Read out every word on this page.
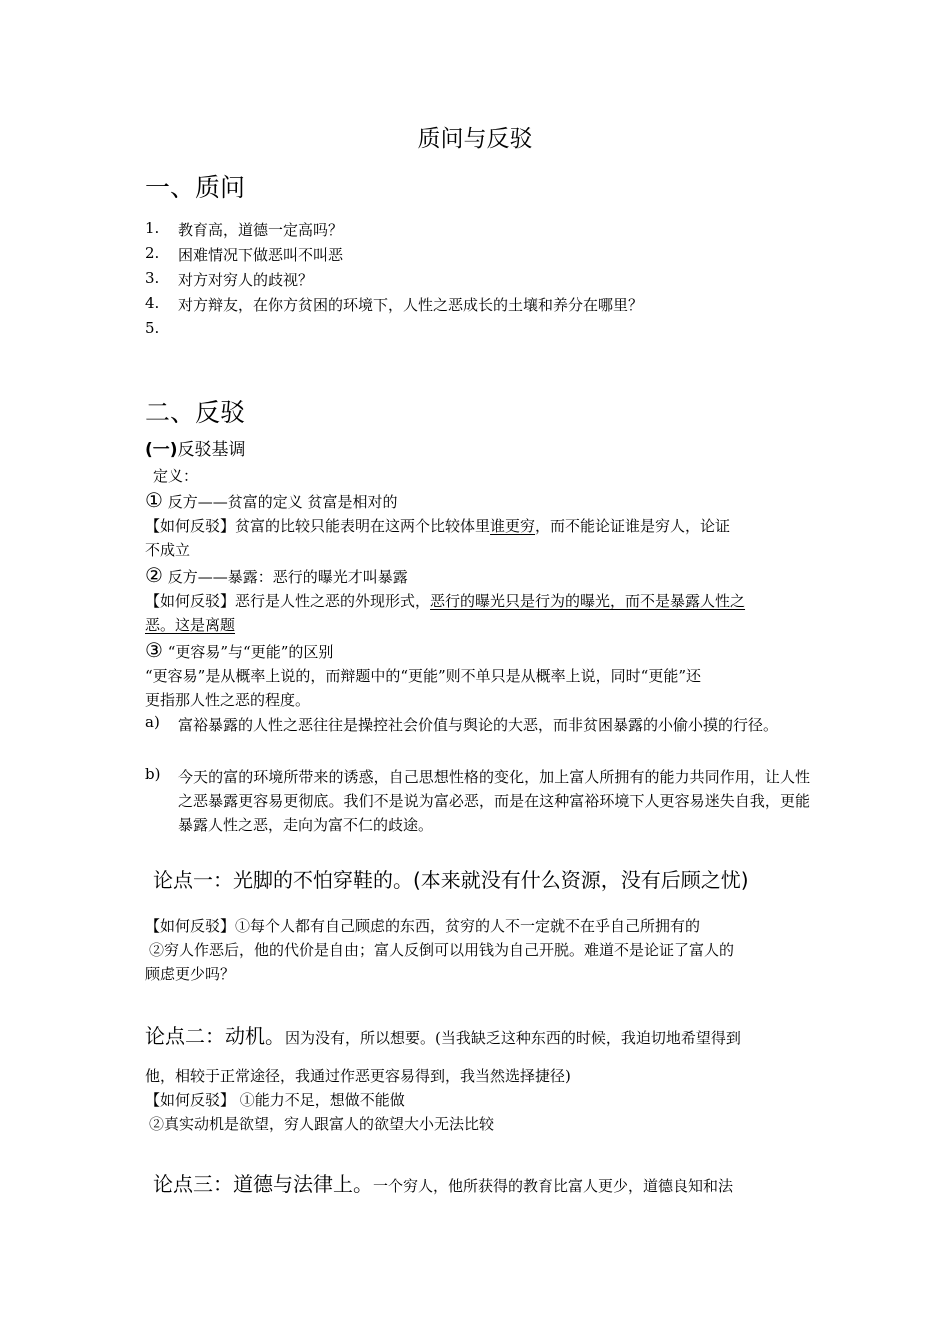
质问与反驳
一、质问
1. 教育高，道德一定高吗？
2. 困难情况下做恶叫不叫恶
3. 对方对穷人的歧视？
4. 对方辩友，在你方贫困的环境下，人性之恶成长的土壤和养分在哪里？
5.
二、反驳
(一)反驳基调
定义：
① 反方——贫富的定义 贫富是相对的
【如何反驳】贫富的比较只能表明在这两个比较体里谁更穷，而不能论证谁是穷人，论证
不成立
② 反方——暴露：恶行的曝光才叫暴露
【如何反驳】恶行是人性之恶的外现形式，恶行的曝光只是行为的曝光，而不是暴露人性之
恶。这是离题
③ “更容易”与“更能”的区别
“更容易”是从概率上说的，而辩题中的“更能”则不单只是从概率上说，同时“更能”还
更指那人性之恶的程度。
a) 富裕暴露的人性之恶往往是操控社会价值与舆论的大恶，而非贫困暴露的小偷小摸的行径。
b) 今天的富的环境所带来的诱惑，自己思想性格的变化，加上富人所拥有的能力共同作用，让人性之恶暴露更容易更彻底。我们不是说为富必恶，而是在这种富裕环境下人更容易迷失自我，更能暴露人性之恶，走向为富不仁的歧途。
论点一：光脚的不怕穿鞋的。(本来就没有什么资源，没有后顾之忧)
【如何反驳】①每个人都有自己顾虑的东西，贫穷的人不一定就不在乎自己所拥有的
②穷人作恶后，他的代价是自由；富人反倒可以用钱为自己开脱。难道不是论证了富人的
顾虑更少吗？
论点二：动机。因为没有，所以想要。(当我缺乏这种东西的时候，我迫切地希望得到
他，相较于正常途径，我通过作恶更容易得到，我当然选择捷径)
【如何反驳】 ①能力不足，想做不能做
②真实动机是欲望，穷人跟富人的欲望大小无法比较
论点三：道德与法律上。一个穷人，他所获得的教育比富人更少，道德良知和法
